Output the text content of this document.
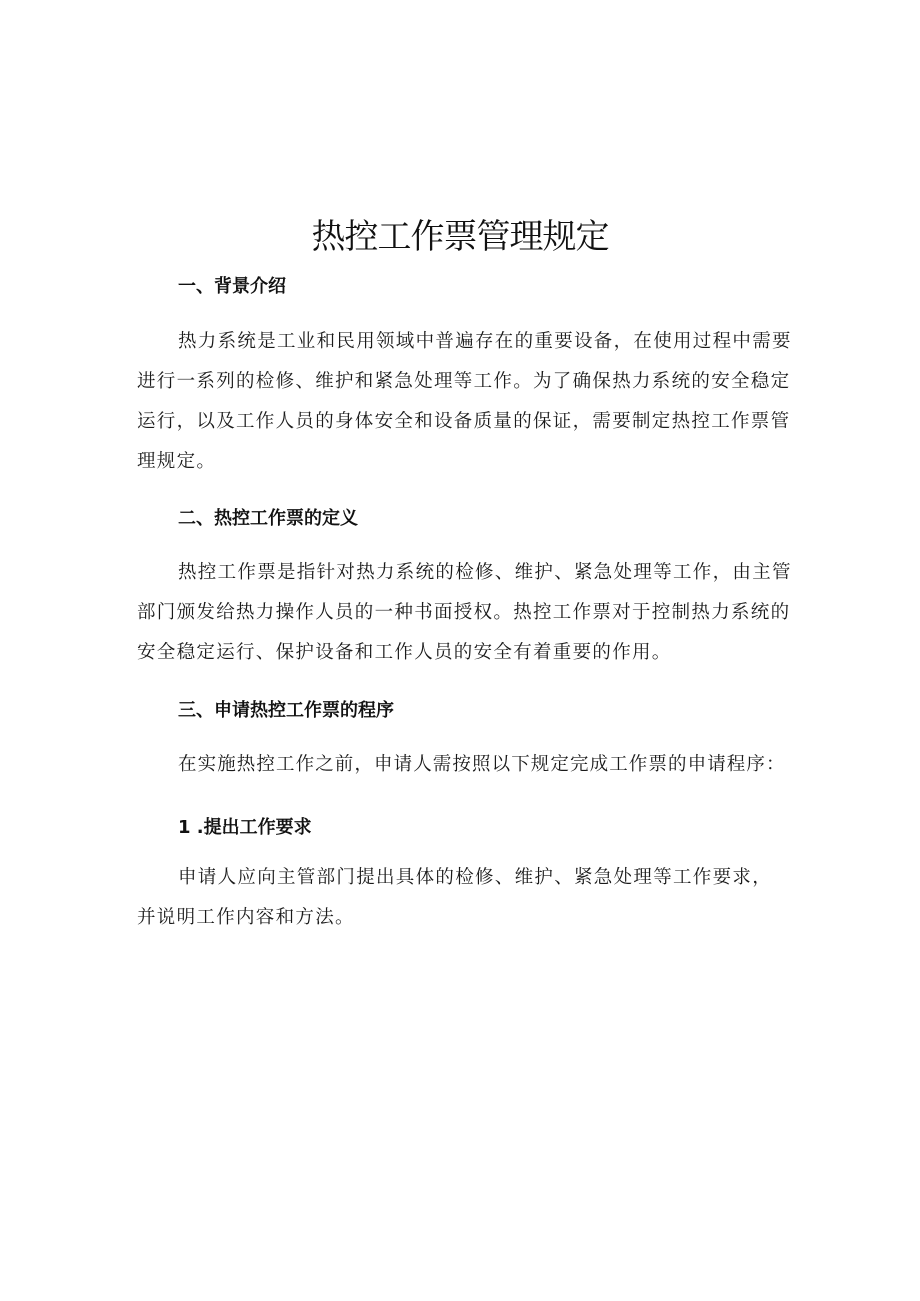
热控工作票管理规定
一、背景介绍

热力系统是工业和民用领域中普遍存在的重要设备，在使用过程中需要进行一系列的检修、维护和紧急处理等工作。为了确保热力系统的安全稳定运行，以及工作人员的身体安全和设备质量的保证，需要制定热控工作票管理规定。

二、热控工作票的定义

热控工作票是指针对热力系统的检修、维护、紧急处理等工作，由主管部门颁发给热力操作人员的一种书面授权。热控工作票对于控制热力系统的安全稳定运行、保护设备和工作人员的安全有着重要的作用。

三、申请热控工作票的程序

在实施热控工作之前，申请人需按照以下规定完成工作票的申请程序：

1 .提出工作要求
申请人应向主管部门提出具体的检修、维护、紧急处理等工作要求，
并说明工作内容和方法。
